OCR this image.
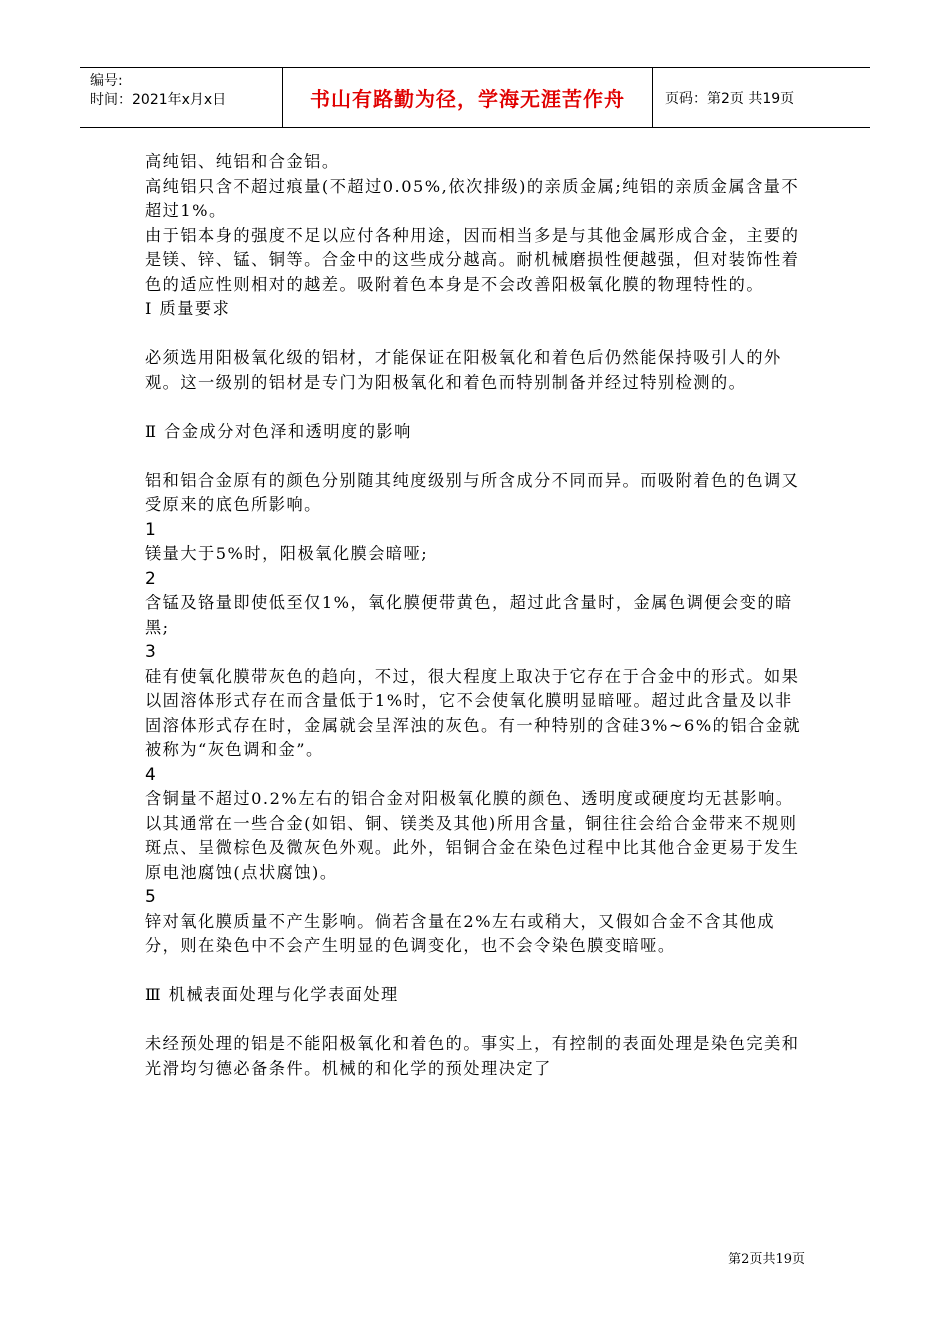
编号:
时间：2021年x月x日	书山有路勤为径，学海无涯苦作舟	页码：第2页 共19页

高纯铝、纯铝和合金铝。

高纯铝只含不超过痕量(不超过0.05%,依次排级)的亲质金属;纯铝的亲质金属含量不超过1%。

由于铝本身的强度不足以应付各种用途，因而相当多是与其他金属形成合金，主要的是镁、锌、锰、铜等。合金中的这些成分越高。耐机械磨损性便越强，但对装饰性着色的适应性则相对的越差。吸附着色本身是不会改善阳极氧化膜的物理特性的。

Ⅰ 质量要求

必须选用阳极氧化级的铝材，才能保证在阳极氧化和着色后仍然能保持吸引人的外观。这一级别的铝材是专门为阳极氧化和着色而特别制备并经过特别检测的。

Ⅱ 合金成分对色泽和透明度的影响

铝和铝合金原有的颜色分别随其纯度级别与所含成分不同而异。而吸附着色的色调又受原来的底色所影响。

1

镁量大于5%时，阳极氧化膜会暗哑;

2

含锰及铬量即使低至仅1%，氧化膜便带黄色，超过此含量时，金属色调便会变的暗黑;

3

硅有使氧化膜带灰色的趋向，不过，很大程度上取决于它存在于合金中的形式。如果以固溶体形式存在而含量低于1%时，它不会使氧化膜明显暗哑。超过此含量及以非固溶体形式存在时，金属就会呈浑浊的灰色。有一种特别的含硅3%~6%的铝合金就被称为“灰色调和金”。

4

含铜量不超过0.2%左右的铝合金对阳极氧化膜的颜色、透明度或硬度均无甚影响。以其通常在一些合金(如铝、铜、镁类及其他)所用含量，铜往往会给合金带来不规则斑点、呈微棕色及微灰色外观。此外，铝铜合金在染色过程中比其他合金更易于发生原电池腐蚀(点状腐蚀)。

5

锌对氧化膜质量不产生影响。倘若含量在2%左右或稍大，又假如合金不含其他成分，则在染色中不会产生明显的色调变化，也不会令染色膜变暗哑。

Ⅲ 机械表面处理与化学表面处理

未经预处理的铝是不能阳极氧化和着色的。事实上，有控制的表面处理是染色完美和光滑均匀德必备条件。机械的和化学的预处理决定了

第2页共19页
